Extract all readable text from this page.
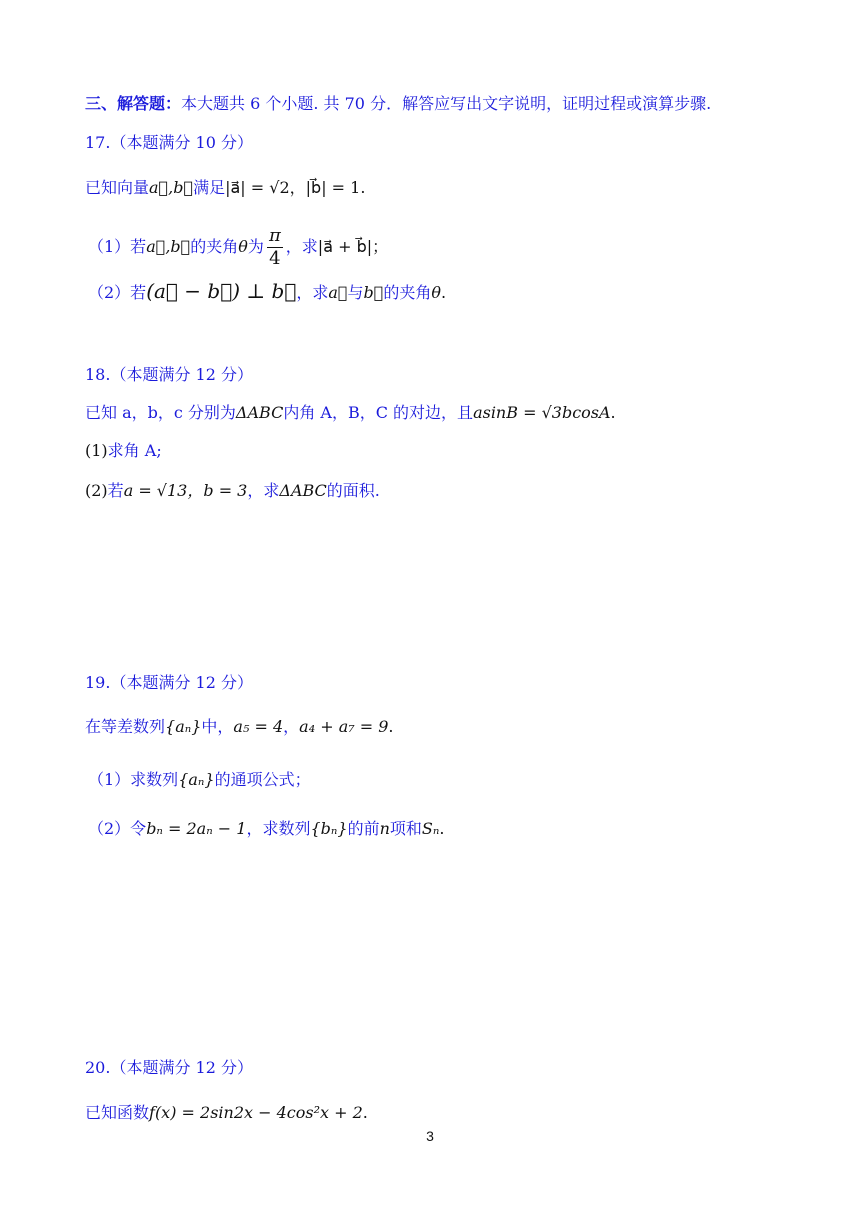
三、解答题：本大题共 6 个小题. 共 70 分．解答应写出文字说明，证明过程或演算步骤.
17.（本题满分 10 分）
已知向量a⃗,b⃗满足|a⃗| = √2，|b⃗| = 1.
（1）若a⃗,b⃗的夹角θ为 $\frac{\pi}{4}$ ，求|a⃗ + b⃗|；
（2）若(a⃗ − b⃗) ⊥ b⃗，求a⃗与b⃗的夹角θ.
18.（本题满分 12 分）
已知 a，b，c 分别为ΔABC内角 A，B，C 的对边，且asinB = √3bcosA.
(1)求角 A;
(2)若a = √13，b = 3，求ΔABC的面积.
19.（本题满分 12 分）
在等差数列{aₙ}中，a₅ = 4，a₄ + a₇ = 9.
（1）求数列{aₙ}的通项公式；
（2）令bₙ = 2aₙ − 1，求数列{bₙ}的前n项和Sₙ.
20.（本题满分 12 分）
已知函数f(x) = 2sin2x − 4cos²x + 2.
3
